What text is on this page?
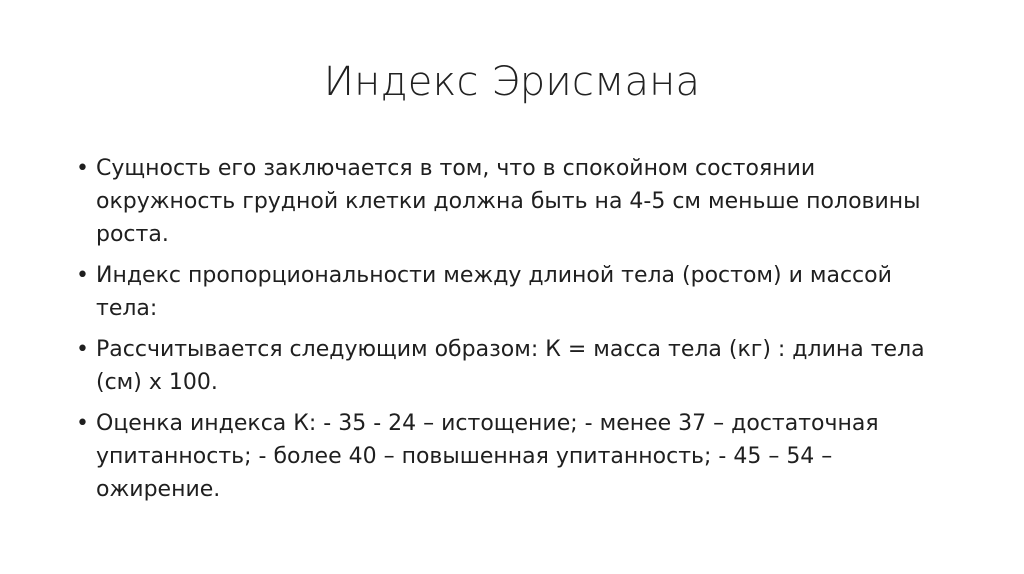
Индекс Эрисмана
• Сущность его заключается в том, что в спокойном состоянии окружность грудной клетки должна быть на 4-5 см меньше половины роста.
• Индекс пропорциональности между длиной тела (ростом) и массой тела:
• Рассчитывается следующим образом: К = масса тела (кг) : длина тела (см) х 100.
• Оценка индекса К: - 35 - 24 – истощение; - менее 37 – достаточная упитанность; - более 40 – повышенная упитанность; - 45 – 54 – ожирение.
